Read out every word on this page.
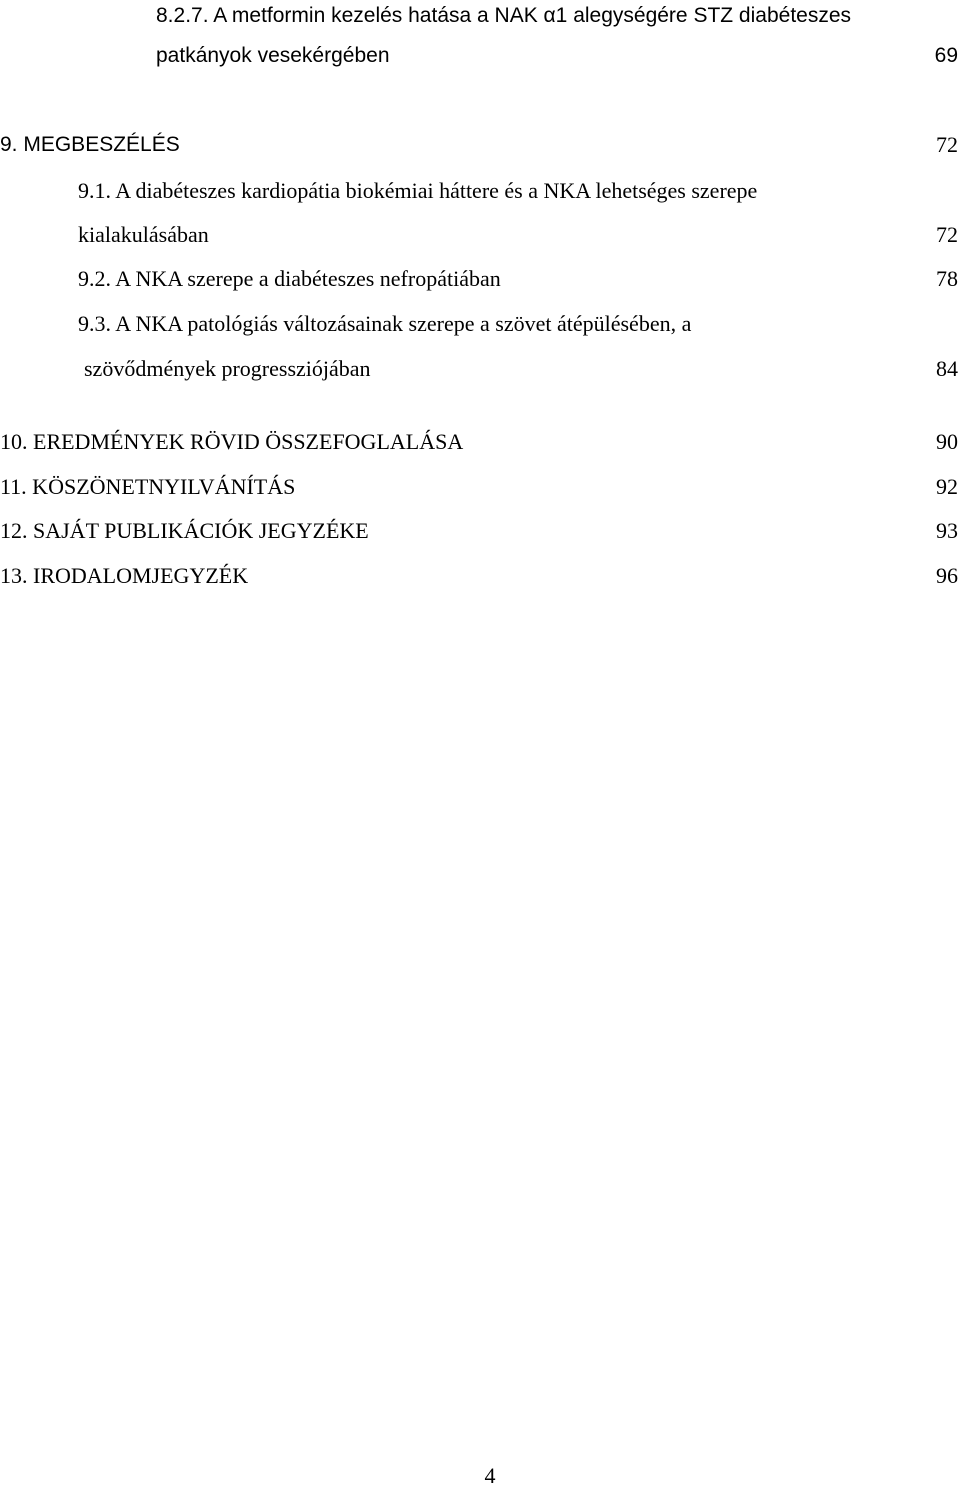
8.2.7. A metformin kezelés hatása a NAK α1 alegységére STZ diabéteszes
patkányok vesekérgében	69
9. MEGBESZÉLÉS	72
9.1. A diabéteszes kardiopátia biokémiai háttere és a NKA lehetséges szerepe
kialakulásában	72
9.2. A NKA szerepe a diabéteszes nefropátiában	78
9.3. A NKA patológiás változásainak szerepe a szövet átépülésében, a
szövődmények progressziójában	84
10. EREDMÉNYEK RÖVID ÖSSZEFOGLALÁSA	90
11. KÖSZÖNETNYILVÁNÍTÁS	92
12. SAJÁT PUBLIKÁCIÓK JEGYZÉKE	93
13. IRODALOMJEGYZÉK	96
4
